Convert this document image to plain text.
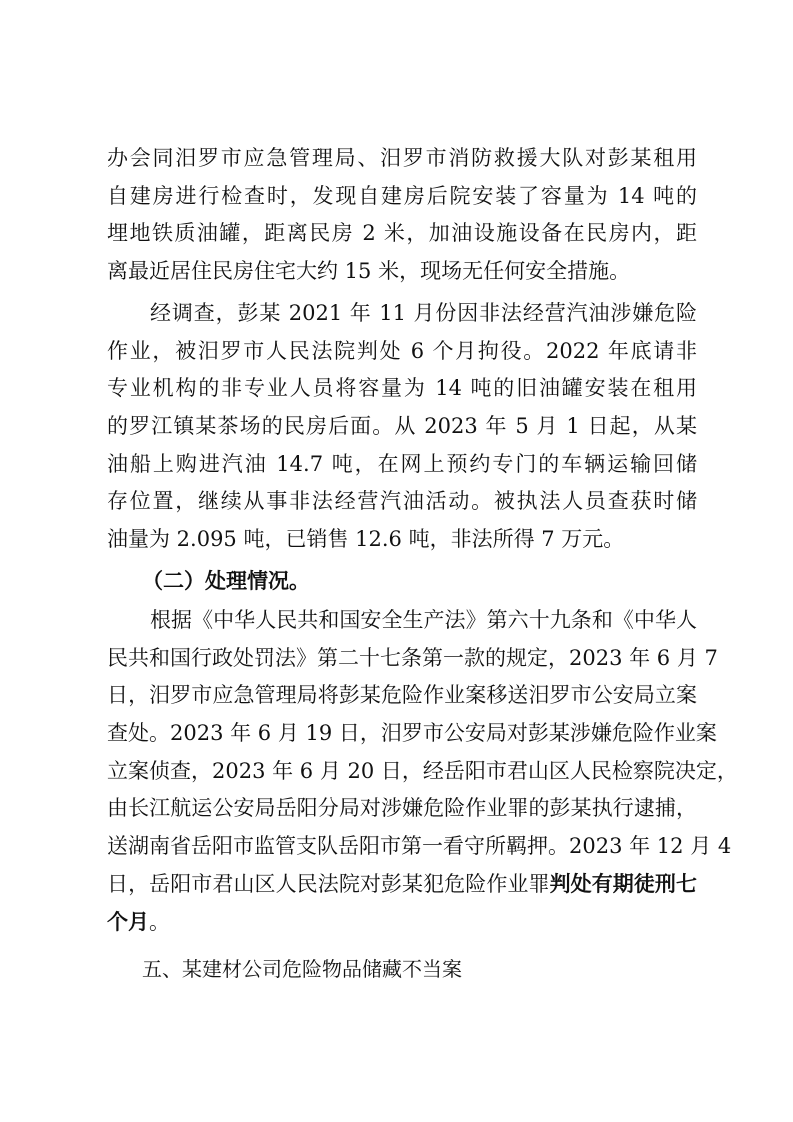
办会同汨罗市应急管理局、汨罗市消防救援大队对彭某租用
自建房进行检查时，发现自建房后院安装了容量为 14 吨的
埋地铁质油罐，距离民房 2 米，加油设施设备在民房内，距
离最近居住民房住宅大约 15 米，现场无任何安全措施。
经调查，彭某 2021 年 11 月份因非法经营汽油涉嫌危险
作业，被汨罗市人民法院判处 6 个月拘役。2022 年底请非
专业机构的非专业人员将容量为 14 吨的旧油罐安装在租用
的罗江镇某茶场的民房后面。从 2023 年 5 月 1 日起，从某
油船上购进汽油 14.7 吨，在网上预约专门的车辆运输回储
存位置，继续从事非法经营汽油活动。被执法人员查获时储
油量为 2.095 吨，已销售 12.6 吨，非法所得 7 万元。
（二）处理情况。
根据《中华人民共和国安全生产法》第六十九条和《中华人
民共和国行政处罚法》第二十七条第一款的规定，2023 年 6 月 7
日，汨罗市应急管理局将彭某危险作业案移送汨罗市公安局立案
查处。2023 年 6 月 19 日，汨罗市公安局对彭某涉嫌危险作业案
立案侦查，2023 年 6 月 20 日，经岳阳市君山区人民检察院决定，
由长江航运公安局岳阳分局对涉嫌危险作业罪的彭某执行逮捕，
送湖南省岳阳市监管支队岳阳市第一看守所羁押。2023 年 12 月 4
日，岳阳市君山区人民法院对彭某犯危险作业罪判处有期徒刑七
个月。
五、某建材公司危险物品储藏不当案
